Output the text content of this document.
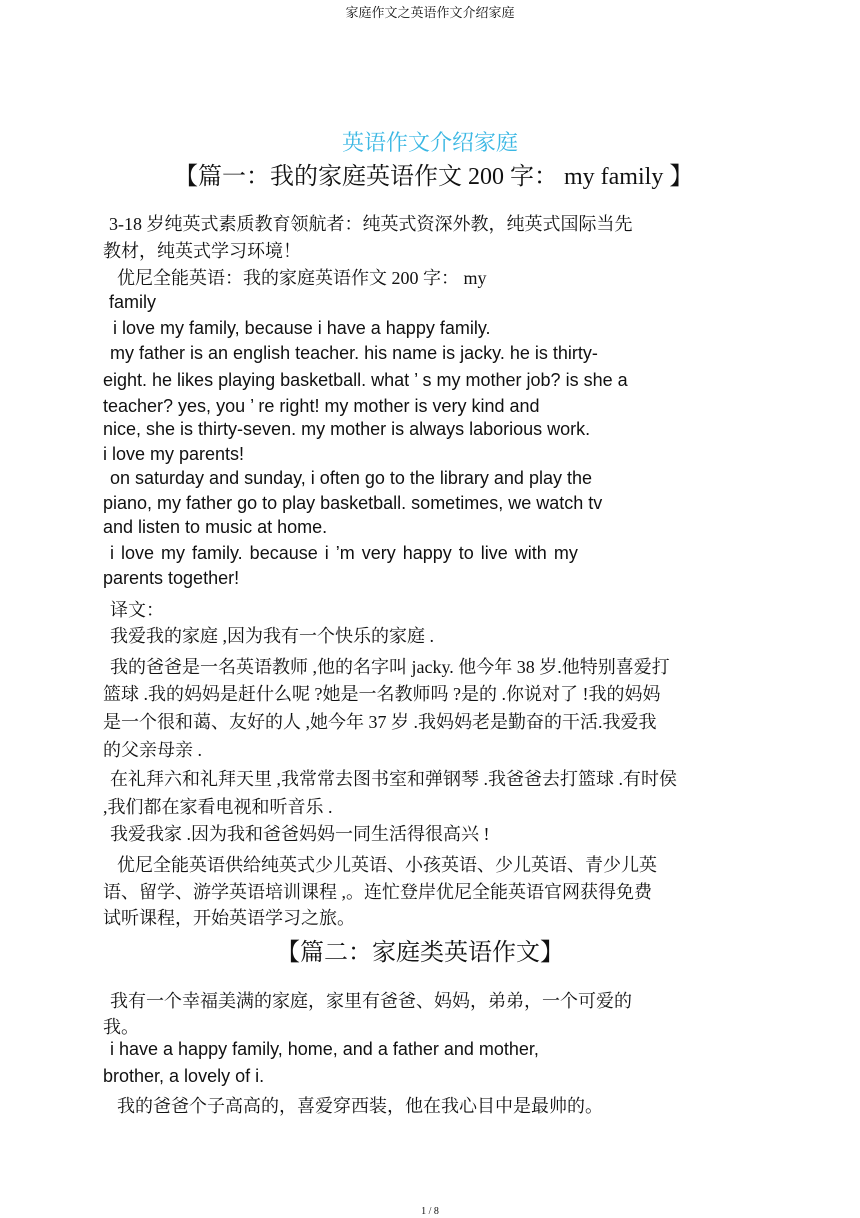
家庭作文之英语作文介绍家庭
英语作文介绍家庭
【篇一：我的家庭英语作文 200 字： my family 】
3-18 岁纯英式素质教育领航者：纯英式资深外教，纯英式国际当先
教材，纯英式学习环境！
优尼全能英语：我的家庭英语作文 200 字： my
family
i love my family, because i have a happy family.
my father is an english teacher. his name is jacky. he is thirty-
eight. he likes playing basketball. what ’ s my mother job? is she a
teacher? yes, you ’ re right! my mother is very kind and
nice, she is thirty-seven. my mother is always laborious work.
i love my parents!
on saturday and sunday, i often go to the library and play the
piano, my father go to play basketball. sometimes, we watch tv
and listen to music at home.
i love my family. because i ’m very happy to live with my
parents together!
译文：
我爱我的家庭 ,因为我有一个快乐的家庭 .
我的爸爸是一名英语教师 ,他的名字叫 jacky. 他今年 38 岁.他特别喜爱打
篮球 .我的妈妈是赶什么呢 ?她是一名教师吗 ?是的 .你说对了 !我的妈妈
是一个很和蔼、友好的人 ,她今年 37 岁 .我妈妈老是勤奋的干活.我爱我
的父亲母亲 .
在礼拜六和礼拜天里 ,我常常去图书室和弹钢琴 .我爸爸去打篮球 .有时侯
,我们都在家看电视和听音乐 .
我爱我家 .因为我和爸爸妈妈一同生活得很高兴 !
优尼全能英语供给纯英式少儿英语、小孩英语、少儿英语、青少儿英
语、留学、游学英语培训课程 ,。连忙登岸优尼全能英语官网获得免费
试听课程，开始英语学习之旅。
【篇二：家庭类英语作文】
我有一个幸福美满的家庭，家里有爸爸、妈妈，弟弟，一个可爱的
我。
i have a happy family, home, and a father and mother,
brother, a lovely of i.
我的爸爸个子高高的，喜爱穿西装，他在我心目中是最帅的。
1 / 8
